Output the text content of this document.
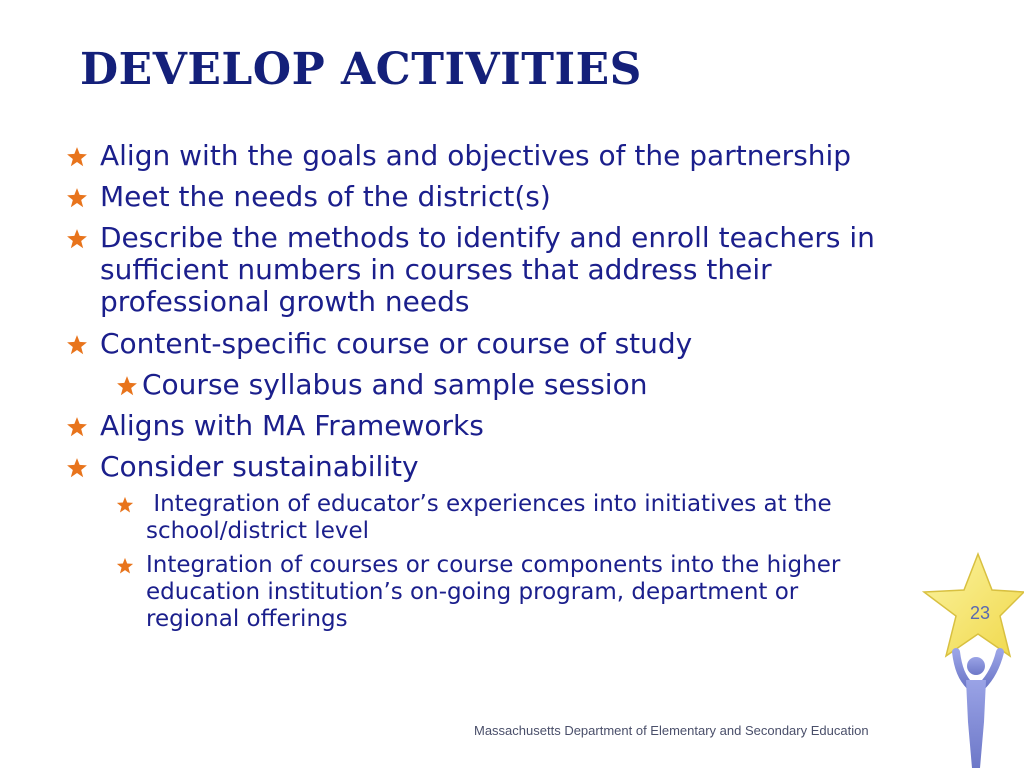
DEVELOP ACTIVITIES
Align with the goals and objectives of the partnership
Meet the needs of the district(s)
Describe the methods to identify and enroll teachers in sufficient numbers in courses that address their professional growth needs
Content-specific course or course of study
Course syllabus and sample session
Aligns with MA Frameworks
Consider sustainability
Integration of educator’s experiences into initiatives at the school/district level
Integration of courses or course components into the higher education institution’s on-going program, department or regional offerings	23
Massachusetts Department of Elementary and Secondary Education
